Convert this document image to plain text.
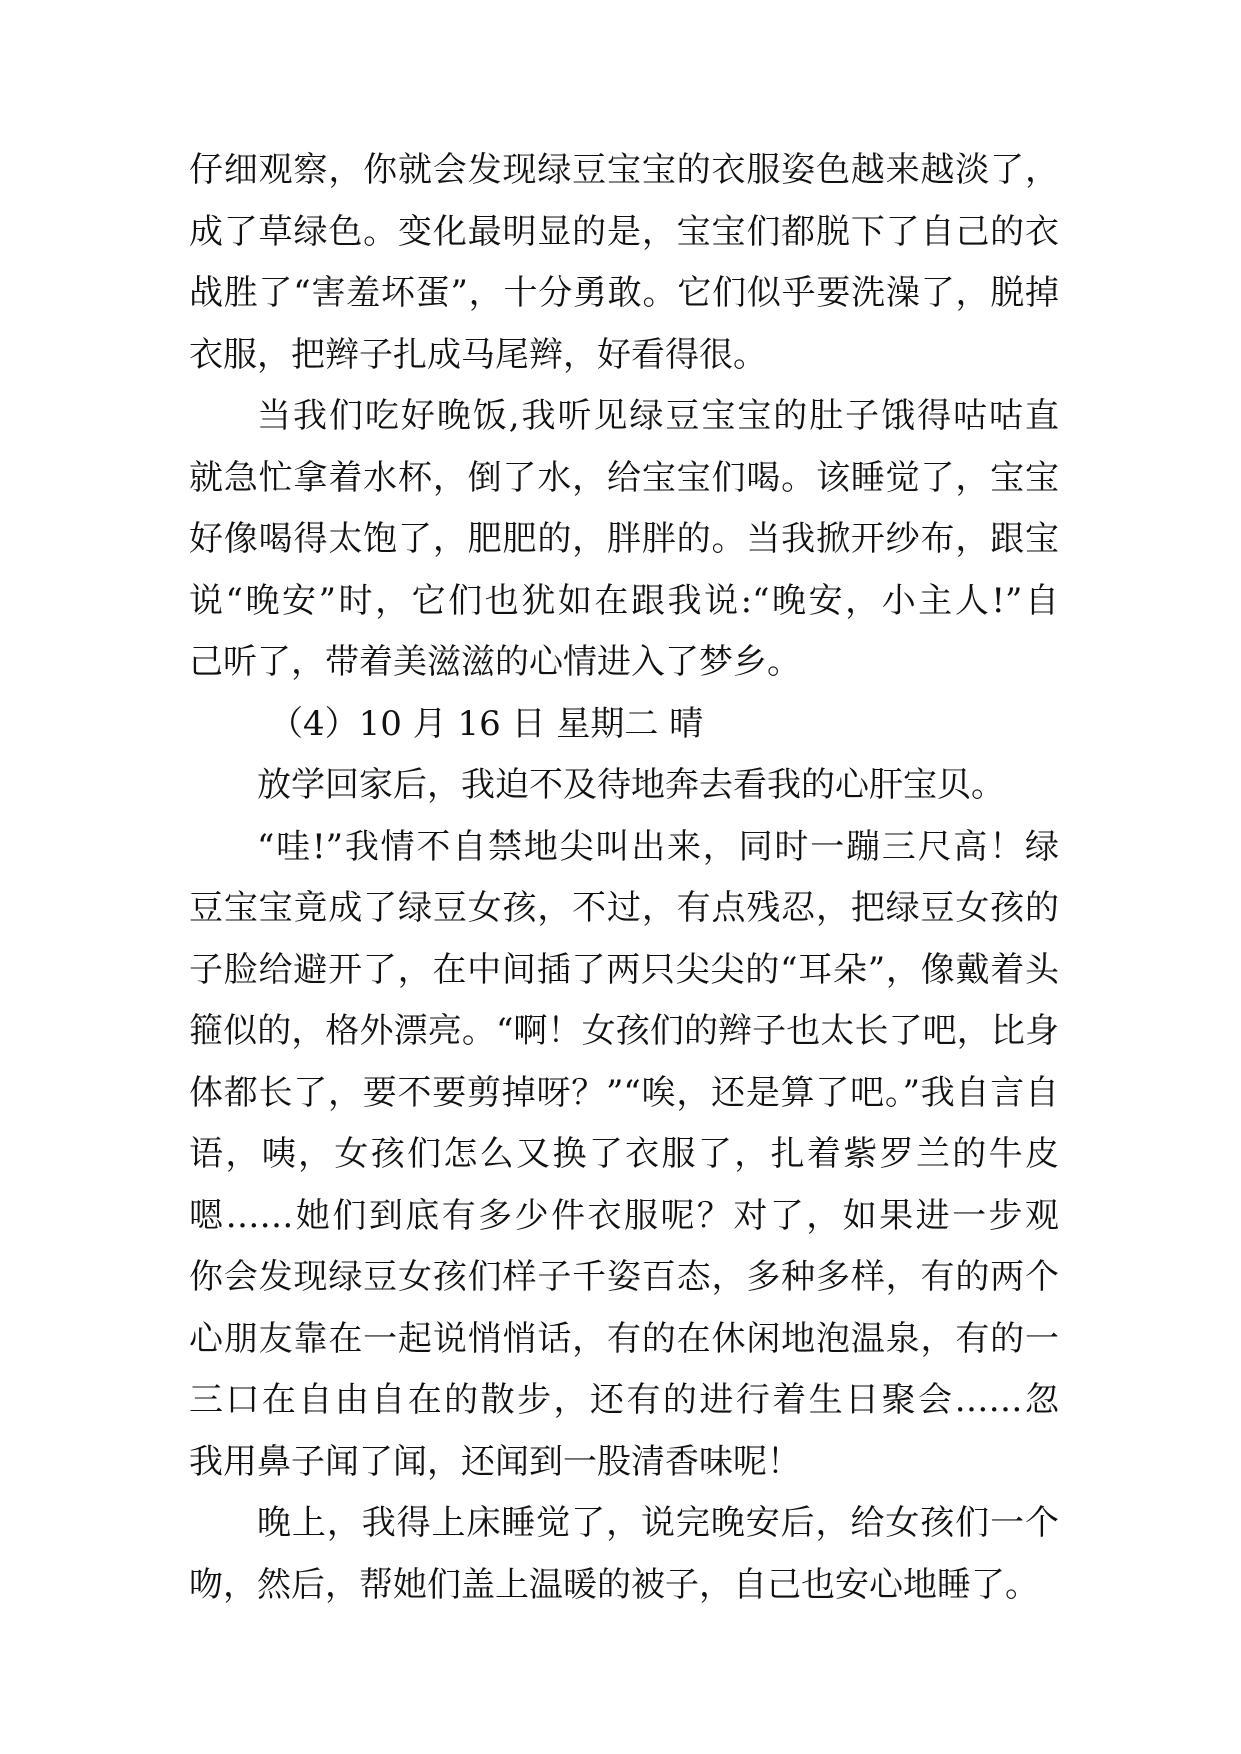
仔细观察，你就会发现绿豆宝宝的衣服姿色越来越淡了，
成了草绿色。变化最明显的是，宝宝们都脱下了自己的衣
战胜了“害羞坏蛋”，十分勇敢。它们似乎要洗澡了，脱掉
衣服，把辫子扎成马尾辫，好看得很。
当我们吃好晚饭,我听见绿豆宝宝的肚子饿得咕咕直
就急忙拿着水杯，倒了水，给宝宝们喝。该睡觉了，宝宝
好像喝得太饱了，肥肥的，胖胖的。当我掀开纱布，跟宝
说“晚安”时，它们也犹如在跟我说:“晚安，小主人!”自
己听了，带着美滋滋的心情进入了梦乡。
（4）10 月 16 日 星期二 晴
放学回家后，我迫不及待地奔去看我的心肝宝贝。
“哇!”我情不自禁地尖叫出来，同时一蹦三尺高！绿
豆宝宝竟成了绿豆女孩，不过，有点残忍，把绿豆女孩的
子脸给避开了，在中间插了两只尖尖的“耳朵”，像戴着头
箍似的，格外漂亮。“啊！女孩们的辫子也太长了吧，比身
体都长了，要不要剪掉呀？”“唉，还是算了吧。”我自言自
语，咦，女孩们怎么又换了衣服了，扎着紫罗兰的牛皮
嗯……她们到底有多少件衣服呢？对了，如果进一步观
你会发现绿豆女孩们样子千姿百态，多种多样，有的两个
心朋友靠在一起说悄悄话，有的在休闲地泡温泉，有的一
三口在自由自在的散步，还有的进行着生日聚会……忽
我用鼻子闻了闻，还闻到一股清香味呢！
晚上，我得上床睡觉了，说完晚安后，给女孩们一个
吻，然后，帮她们盖上温暖的被子，自己也安心地睡了。
